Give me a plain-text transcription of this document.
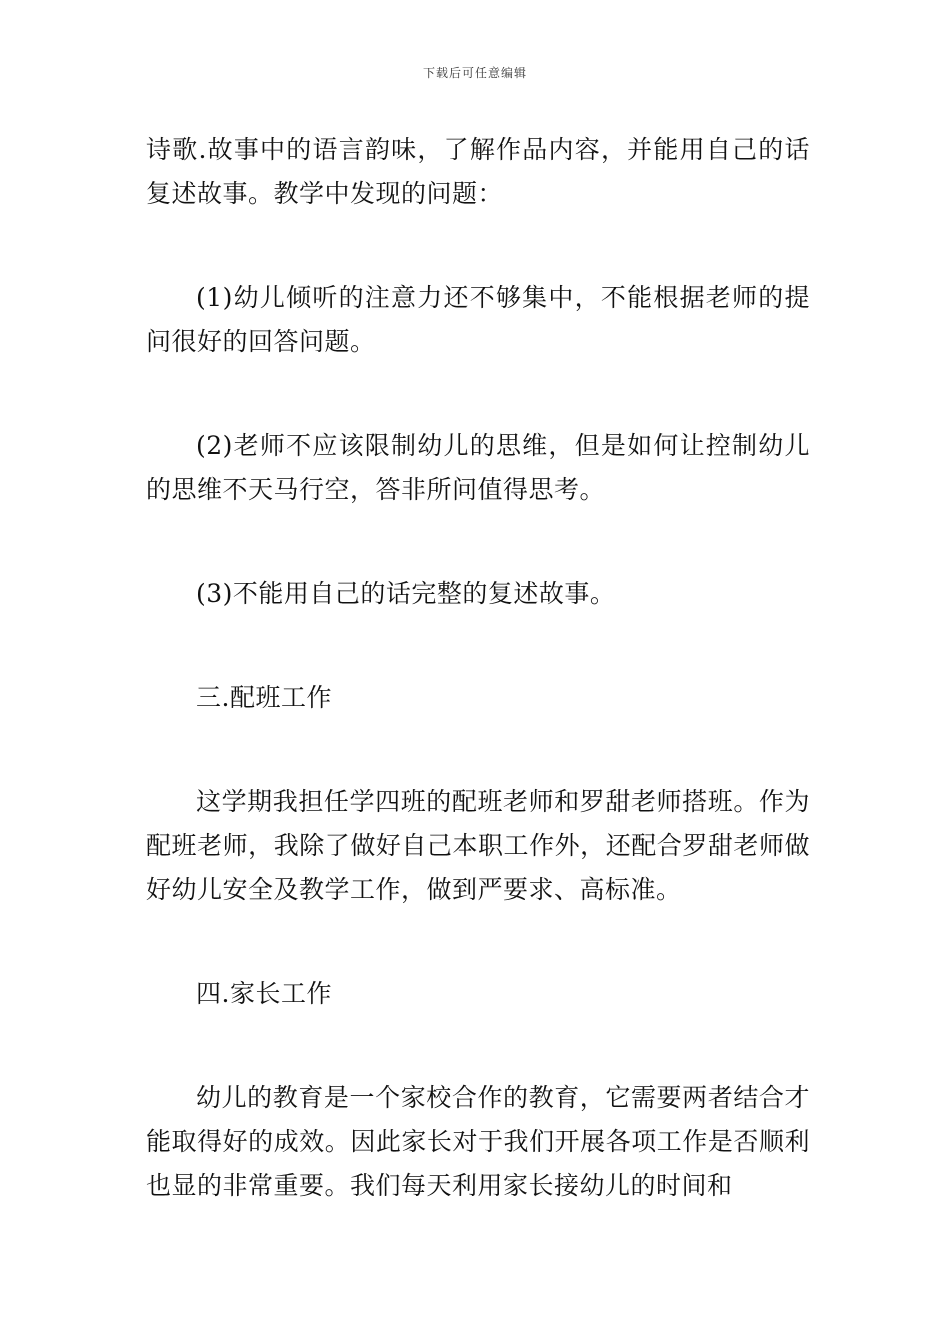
下载后可任意编辑

诗歌.故事中的语言韵味，了解作品内容，并能用自己的话复述故事。教学中发现的问题：

(1)幼儿倾听的注意力还不够集中，不能根据老师的提问很好的回答问题。

(2)老师不应该限制幼儿的思维，但是如何让控制幼儿的思维不天马行空，答非所问值得思考。

(3)不能用自己的话完整的复述故事。

三.配班工作

这学期我担任学四班的配班老师和罗甜老师搭班。作为配班老师，我除了做好自己本职工作外，还配合罗甜老师做好幼儿安全及教学工作，做到严要求、高标准。

四.家长工作

幼儿的教育是一个家校合作的教育，它需要两者结合才能取得好的成效。因此家长对于我们开展各项工作是否顺利也显的非常重要。我们每天利用家长接幼儿的时间和
